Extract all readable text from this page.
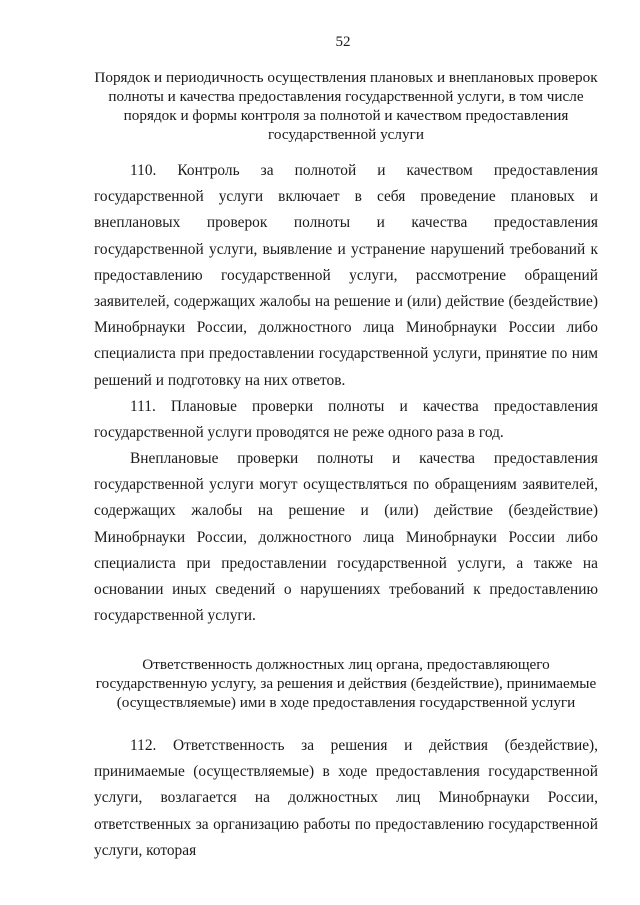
52

Порядок и периодичность осуществления плановых и внеплановых проверок полноты и качества предоставления государственной услуги, в том числе порядок и формы контроля за полнотой и качеством предоставления государственной услуги

110. Контроль за полнотой и качеством предоставления государственной услуги включает в себя проведение плановых и внеплановых проверок полноты и качества предоставления государственной услуги, выявление и устранение нарушений требований к предоставлению государственной услуги, рассмотрение обращений заявителей, содержащих жалобы на решение и (или) действие (бездействие) Минобрнауки России, должностного лица Минобрнауки России либо специалиста при предоставлении государственной услуги, принятие по ним решений и подготовку на них ответов.

111. Плановые проверки полноты и качества предоставления государственной услуги проводятся не реже одного раза в год.

Внеплановые проверки полноты и качества предоставления государственной услуги могут осуществляться по обращениям заявителей, содержащих жалобы на решение и (или) действие (бездействие) Минобрнауки России, должностного лица Минобрнауки России либо специалиста при предоставлении государственной услуги, а также на основании иных сведений о нарушениях требований к предоставлению государственной услуги.

Ответственность должностных лиц органа, предоставляющего государственную услугу, за решения и действия (бездействие), принимаемые (осуществляемые) ими в ходе предоставления государственной услуги

112. Ответственность за решения и действия (бездействие), принимаемые (осуществляемые) в ходе предоставления государственной услуги, возлагается на должностных лиц Минобрнауки России, ответственных за организацию работы по предоставлению государственной услуги, которая
